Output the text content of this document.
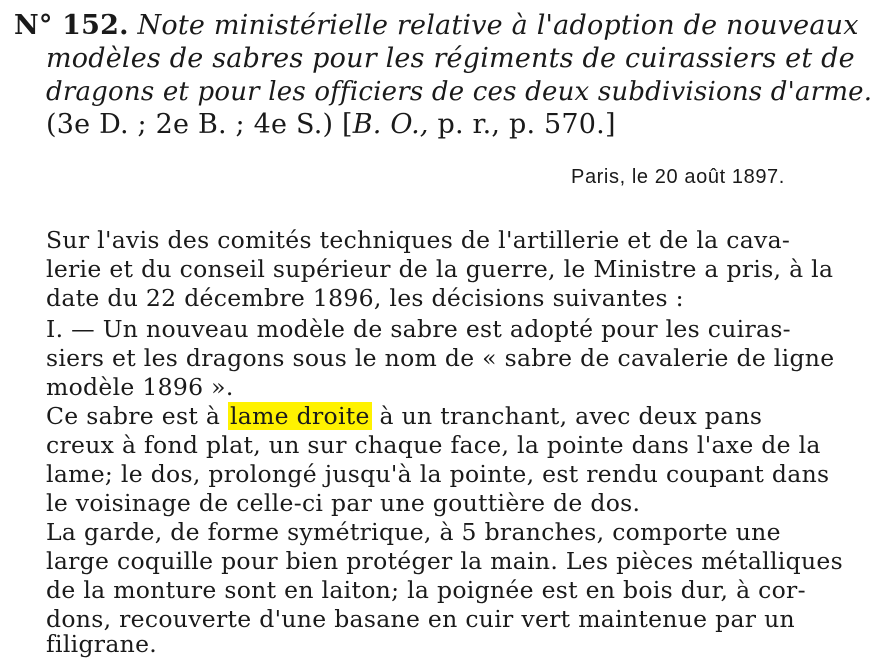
N° 152. Note ministérielle relative à l'adoption de nouveaux
modèles de sabres pour les régiments de cuirassiers et de
dragons et pour les officiers de ces deux subdivisions d'arme.
(3e D. ; 2e B. ; 4e S.) [B. O., p. r., p. 570.]
Paris, le 20 août 1897.
Sur l'avis des comités techniques de l'artillerie et de la cava-
lerie et du conseil supérieur de la guerre, le Ministre a pris, à la
date du 22 décembre 1896, les décisions suivantes :
I. — Un nouveau modèle de sabre est adopté pour les cuiras-
siers et les dragons sous le nom de « sabre de cavalerie de ligne
modèle 1896 ».
Ce sabre est à lame droite à un tranchant, avec deux pans
creux à fond plat, un sur chaque face, la pointe dans l'axe de la
lame; le dos, prolongé jusqu'à la pointe, est rendu coupant dans
le voisinage de celle-ci par une gouttière de dos.
La garde, de forme symétrique, à 5 branches, comporte une
large coquille pour bien protéger la main. Les pièces métalliques
de la monture sont en laiton; la poignée est en bois dur, à cor-
dons, recouverte d'une basane en cuir vert maintenue par un
filigrane.
